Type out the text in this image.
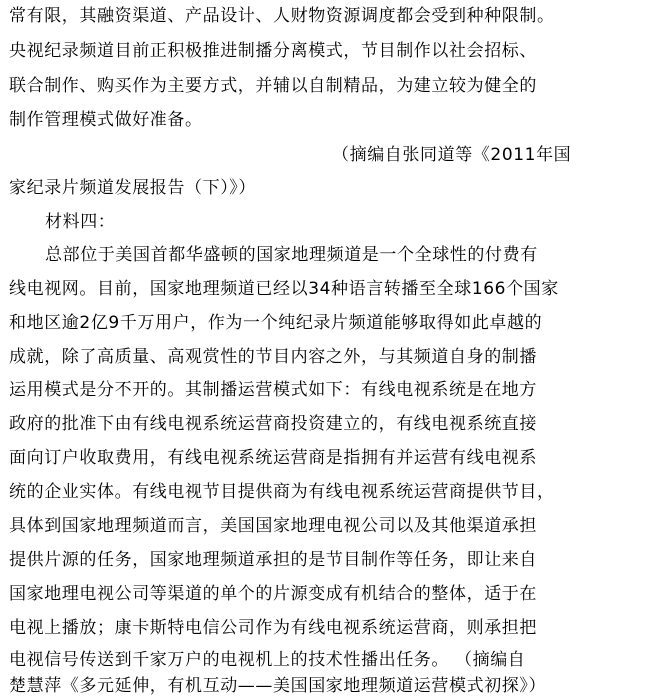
常有限，其融资渠道、产品设计、人财物资源调度都会受到种种限制。
央视纪录频道目前正积极推进制播分离模式，节目制作以社会招标、
联合制作、购买作为主要方式，并辅以自制精品，为建立较为健全的
制作管理模式做好准备。
（摘编自张同道等《2011年国
家纪录片频道发展报告（下）》）
材料四：
总部位于美国首都华盛顿的国家地理频道是一个全球性的付费有
线电视网。目前，国家地理频道已经以34种语言转播至全球166个国家
和地区逾2亿9千万用户，作为一个纯纪录片频道能够取得如此卓越的
成就，除了高质量、高观赏性的节目内容之外，与其频道自身的制播
运用模式是分不开的。其制播运营模式如下：有线电视系统是在地方
政府的批准下由有线电视系统运营商投资建立的，有线电视系统直接
面向订户收取费用，有线电视系统运营商是指拥有并运营有线电视系
统的企业实体。有线电视节目提供商为有线电视系统运营商提供节目，
具体到国家地理频道而言，美国国家地理电视公司以及其他渠道承担
提供片源的任务，国家地理频道承担的是节目制作等任务，即让来自
国家地理电视公司等渠道的单个的片源变成有机结合的整体，适于在
电视上播放；康卡斯特电信公司作为有线电视系统运营商，则承担把
电视信号传送到千家万户的电视机上的技术性播出任务。 （摘编自
楚慧萍《多元延伸，有机互动——美国国家地理频道运营模式初探》）
